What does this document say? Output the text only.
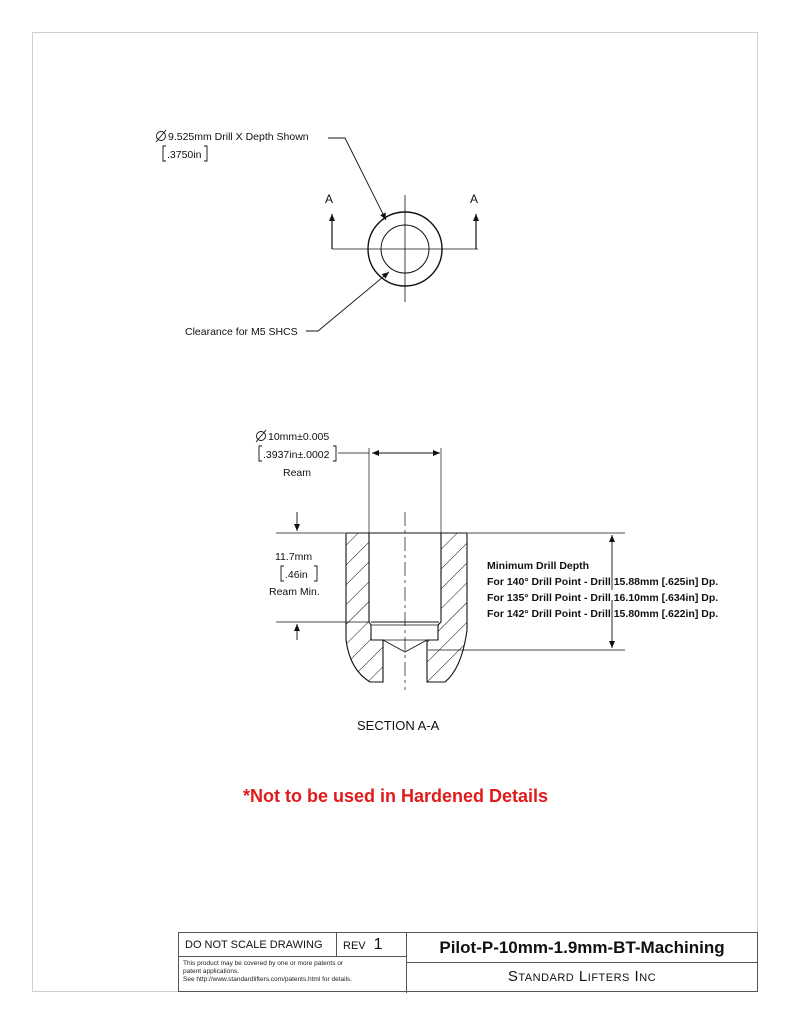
9.525mm Drill X Depth Shown
.3750in
Clearance for M5 SHCS
A	A
10mm±0.005
.3937in±.0002
Ream
11.7mm
.46in
Ream Min.
Minimum Drill Depth
For 140° Drill Point - Drill 15.88mm [.625in] Dp.
For 135° Drill Point - Drill 16.10mm [.634in] Dp.
For 142° Drill Point - Drill 15.80mm [.622in] Dp.
SECTION A-A
*Not to be used in Hardened Details
DO NOT SCALE DRAWING	REV 1
This product may be covered by one or more patents or
patent applications.
See http://www.standardlifters.com/patents.html for details.
Pilot-P-10mm-1.9mm-BT-Machining
Standard Lifters Inc
